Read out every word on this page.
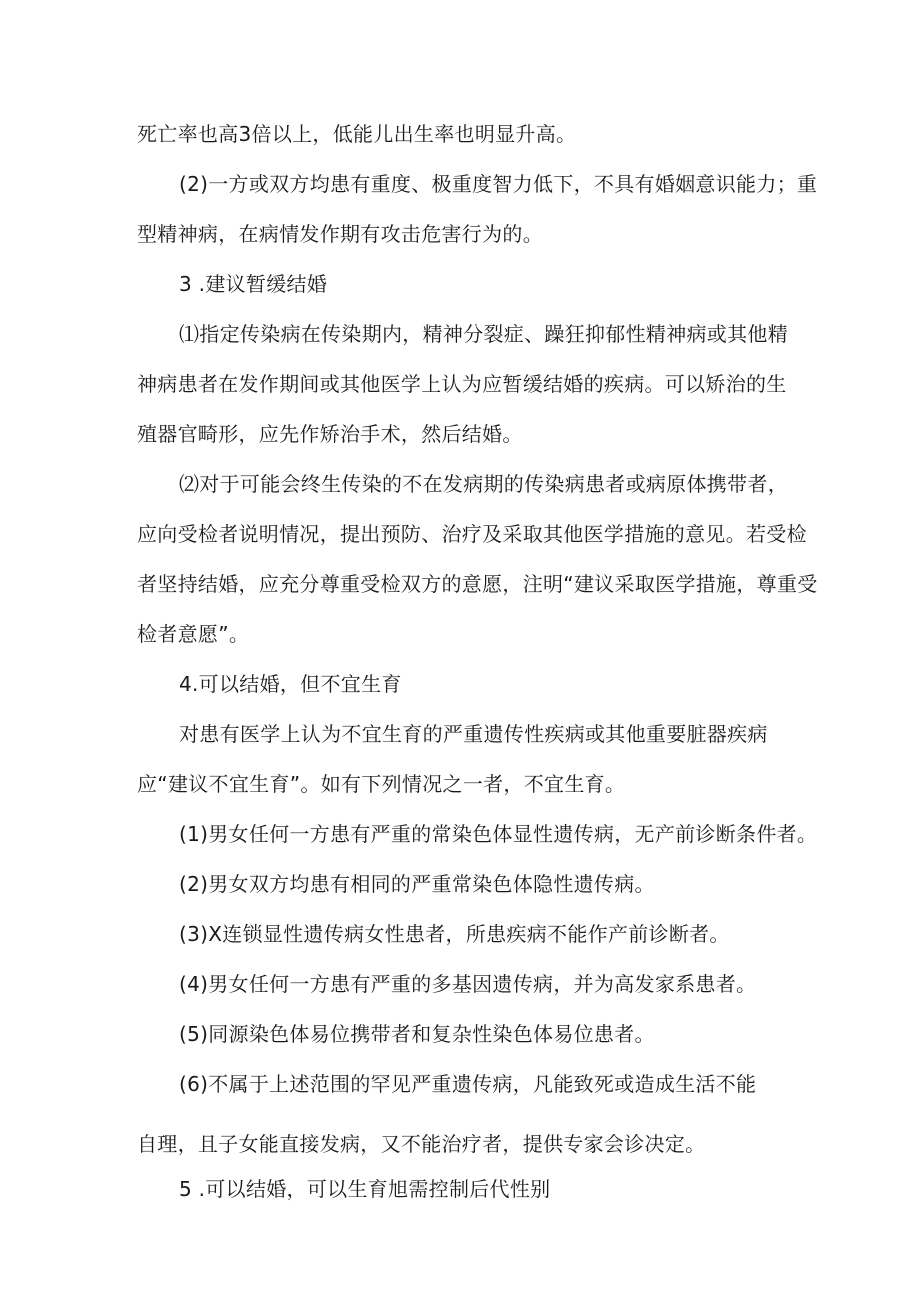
死亡率也高3倍以上，低能儿出生率也明显升高。
(2)一方或双方均患有重度、极重度智力低下，不具有婚姻意识能力；重
型精神病，在病情发作期有攻击危害行为的。
3 .建议暂缓结婚
⑴指定传染病在传染期内，精神分裂症、躁狂抑郁性精神病或其他精
神病患者在发作期间或其他医学上认为应暂缓结婚的疾病。可以矫治的生
殖器官畸形，应先作矫治手术，然后结婚。
⑵对于可能会终生传染的不在发病期的传染病患者或病原体携带者，
应向受检者说明情况，提出预防、治疗及采取其他医学措施的意见。若受检
者坚持结婚，应充分尊重受检双方的意愿，注明“建议采取医学措施，尊重受
检者意愿”。
4.可以结婚，但不宜生育
对患有医学上认为不宜生育的严重遗传性疾病或其他重要脏器疾病
应“建议不宜生育”。如有下列情况之一者，不宜生育。
(1)男女任何一方患有严重的常染色体显性遗传病，无产前诊断条件者。
(2)男女双方均患有相同的严重常染色体隐性遗传病。
(3)X连锁显性遗传病女性患者，所患疾病不能作产前诊断者。
(4)男女任何一方患有严重的多基因遗传病，并为高发家系患者。
(5)同源染色体易位携带者和复杂性染色体易位患者。
(6)不属于上述范围的罕见严重遗传病，凡能致死或造成生活不能
自理，且子女能直接发病，又不能治疗者，提供专家会诊决定。
5 .可以结婚，可以生育旭需控制后代性别
